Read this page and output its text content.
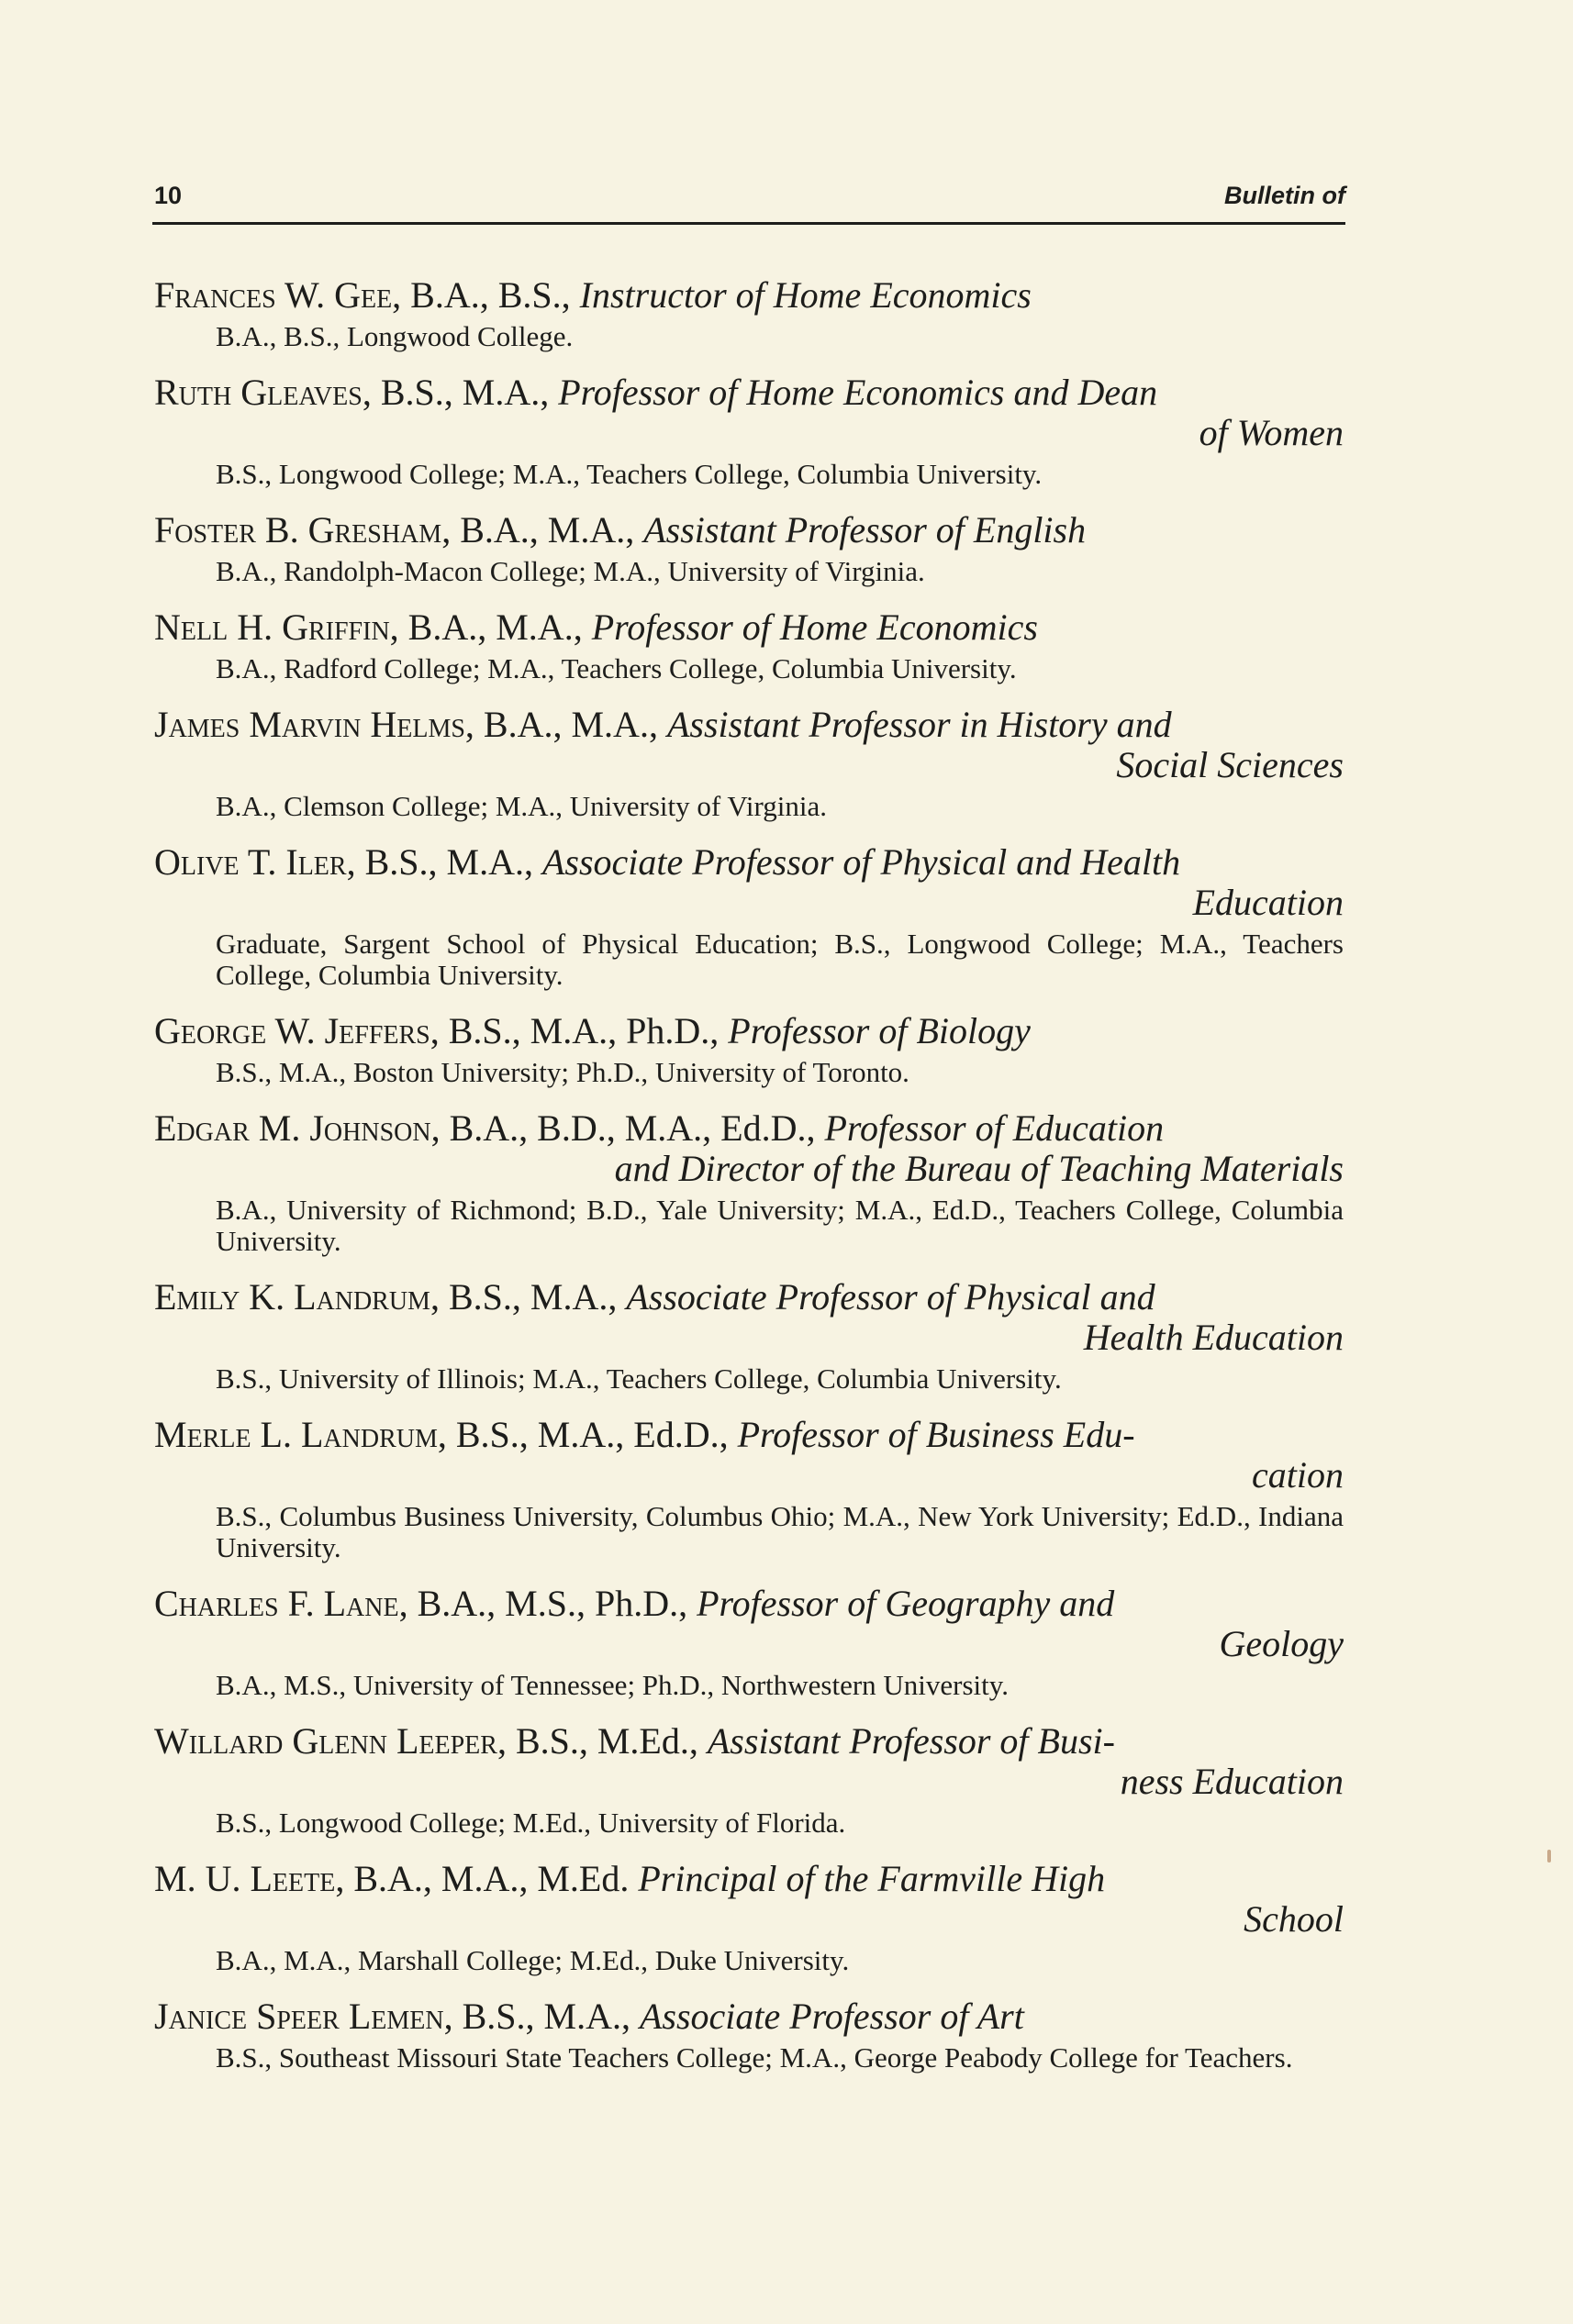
10	Bulletin of
Frances W. Gee, B.A., B.S., Instructor of Home Economics
B.A., B.S., Longwood College.
Ruth Gleaves, B.S., M.A., Professor of Home Economics and Dean
of Women
B.S., Longwood College; M.A., Teachers College, Columbia University.
Foster B. Gresham, B.A., M.A., Assistant Professor of English
B.A., Randolph-Macon College; M.A., University of Virginia.
Nell H. Griffin, B.A., M.A., Professor of Home Economics
B.A., Radford College; M.A., Teachers College, Columbia University.
James Marvin Helms, B.A., M.A., Assistant Professor in History and
Social Sciences
B.A., Clemson College; M.A., University of Virginia.
Olive T. Iler, B.S., M.A., Associate Professor of Physical and Health
Education
Graduate, Sargent School of Physical Education; B.S., Longwood College; M.A., Teachers College, Columbia University.
George W. Jeffers, B.S., M.A., Ph.D., Professor of Biology
B.S., M.A., Boston University; Ph.D., University of Toronto.
Edgar M. Johnson, B.A., B.D., M.A., Ed.D., Professor of Education
and Director of the Bureau of Teaching Materials
B.A., University of Richmond; B.D., Yale University; M.A., Ed.D., Teachers College, Columbia University.
Emily K. Landrum, B.S., M.A., Associate Professor of Physical and
Health Education
B.S., University of Illinois; M.A., Teachers College, Columbia University.
Merle L. Landrum, B.S., M.A., Ed.D., Professor of Business Edu-
cation
B.S., Columbus Business University, Columbus Ohio; M.A., New York University; Ed.D., Indiana University.
Charles F. Lane, B.A., M.S., Ph.D., Professor of Geography and
Geology
B.A., M.S., University of Tennessee; Ph.D., Northwestern University.
Willard Glenn Leeper, B.S., M.Ed., Assistant Professor of Busi-
ness Education
B.S., Longwood College; M.Ed., University of Florida.
M. U. Leete, B.A., M.A., M.Ed. Principal of the Farmville High
School
B.A., M.A., Marshall College; M.Ed., Duke University.
Janice Speer Lemen, B.S., M.A., Associate Professor of Art
B.S., Southeast Missouri State Teachers College; M.A., George Peabody College for Teachers.
